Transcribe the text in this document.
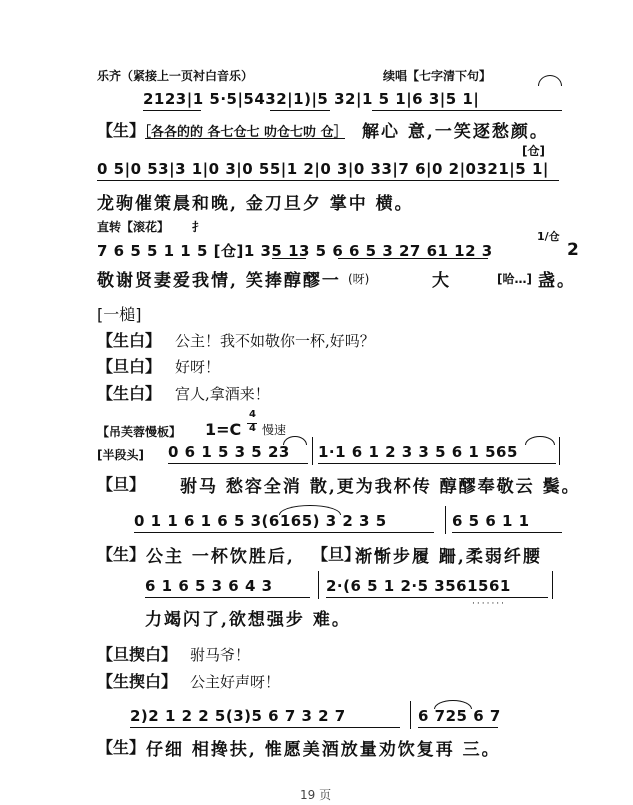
乐齐（紧接上一页衬白音乐）	续唱【七字清下句】
2123|1 5·5|5432|1)|5 32|1 5 1|6 3|5 1|
【生】
［各各的的 各七仓七 叻仓七叻 仓］ 解心 意,一笑逐愁颜。
[仓]
0 5|0 53|3 1|0 3|0 55|1 2|0 3|0 33|7 6|0 2|0321|5 1|
龙驹催策晨和晚, 金刀旦夕 掌中 横。
直转【滚花】 扌
7 6 5 5 1 1 5 [仓]1 35 13 5 6 6 5 3 27 61 12 3
1/仓
2
敬谢贤妻爱我情, 笑捧醇醪一 (呀)	大	[哈…] 盏。
[一槌]
【生白】 公主！我不如敬你一杯,好吗？
【旦白】 好呀！
【生白】 宫人,拿酒来！
【吊芙蓉慢板】 1=C
4
4 慢速
[半段头] 0 6 1 5 3 5 23 1·1 6 1 2 3 3 5 6 1 565
【旦】 驸马 愁容全消 散,更为我杯传 醇醪奉敬云 鬓。
0 1 1 6 1 6 5 3(6165) 3 2 3 5	6 5 6 1 1
【生】 公主 一杯饮胜后, 【旦】
渐惭步履 跚,柔弱纤腰
6 1 6 5 3 6 4 3	2·(6 5 1 2·5 3561561
·······
力竭闪了,欲想强步 难。
【旦揳白】 驸马爷！
【生揳白】 公主好声呀！
2)2 1 2 2 5(3)5 6 7 3 2 7	6 725 6 7
【生】 仔细 相搀扶, 惟愿美酒放量劝饮复再 三。
19 页
